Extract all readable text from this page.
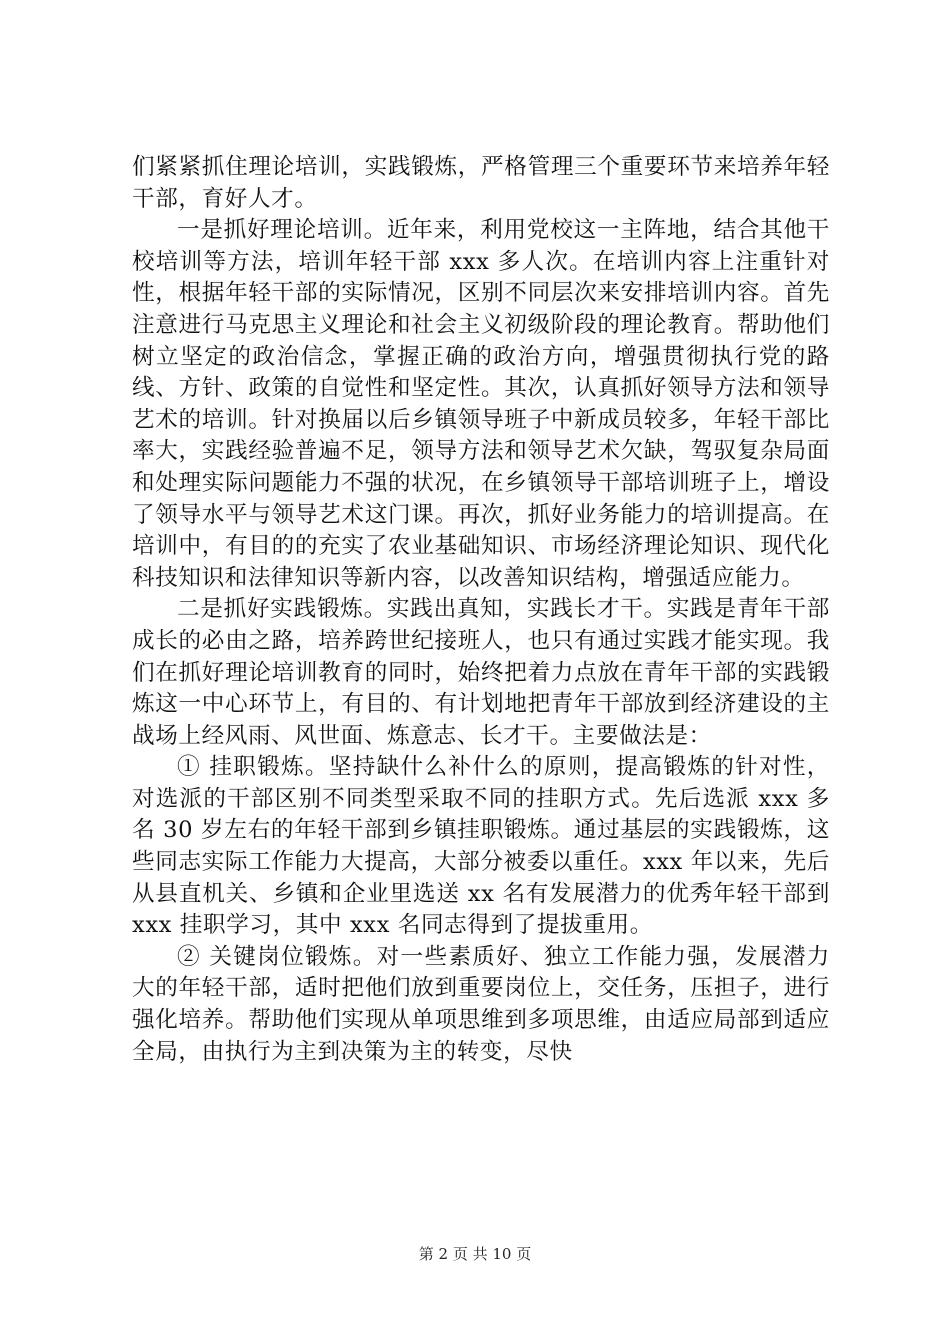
们紧紧抓住理论培训，实践锻炼，严格管理三个重要环节来培养年轻干部，育好人才。

一是抓好理论培训。近年来，利用党校这一主阵地，结合其他干校培训等方法，培训年轻干部 xxx 多人次。在培训内容上注重针对性，根据年轻干部的实际情况，区别不同层次来安排培训内容。首先注意进行马克思主义理论和社会主义初级阶段的理论教育。帮助他们树立坚定的政治信念，掌握正确的政治方向，增强贯彻执行党的路线、方针、政策的自觉性和坚定性。其次，认真抓好领导方法和领导艺术的培训。针对换届以后乡镇领导班子中新成员较多，年轻干部比率大，实践经验普遍不足，领导方法和领导艺术欠缺，驾驭复杂局面和处理实际问题能力不强的状况，在乡镇领导干部培训班子上，增设了领导水平与领导艺术这门课。再次，抓好业务能力的培训提高。在培训中，有目的的充实了农业基础知识、市场经济理论知识、现代化科技知识和法律知识等新内容，以改善知识结构，增强适应能力。

二是抓好实践锻炼。实践出真知，实践长才干。实践是青年干部成长的必由之路，培养跨世纪接班人，也只有通过实践才能实现。我们在抓好理论培训教育的同时，始终把着力点放在青年干部的实践锻炼这一中心环节上，有目的、有计划地把青年干部放到经济建设的主战场上经风雨、风世面、炼意志、长才干。主要做法是：

① 挂职锻炼。坚持缺什么补什么的原则，提高锻炼的针对性，对选派的干部区别不同类型采取不同的挂职方式。先后选派 xxx 多名 30 岁左右的年轻干部到乡镇挂职锻炼。通过基层的实践锻炼，这些同志实际工作能力大提高，大部分被委以重任。xxx 年以来，先后从县直机关、乡镇和企业里选送 xx 名有发展潜力的优秀年轻干部到 xxx 挂职学习，其中 xxx 名同志得到了提拔重用。

② 关键岗位锻炼。对一些素质好、独立工作能力强，发展潜力大的年轻干部，适时把他们放到重要岗位上，交任务，压担子，进行强化培养。帮助他们实现从单项思维到多项思维，由适应局部到适应全局，由执行为主到决策为主的转变，尽快

第 2 页 共 10 页
